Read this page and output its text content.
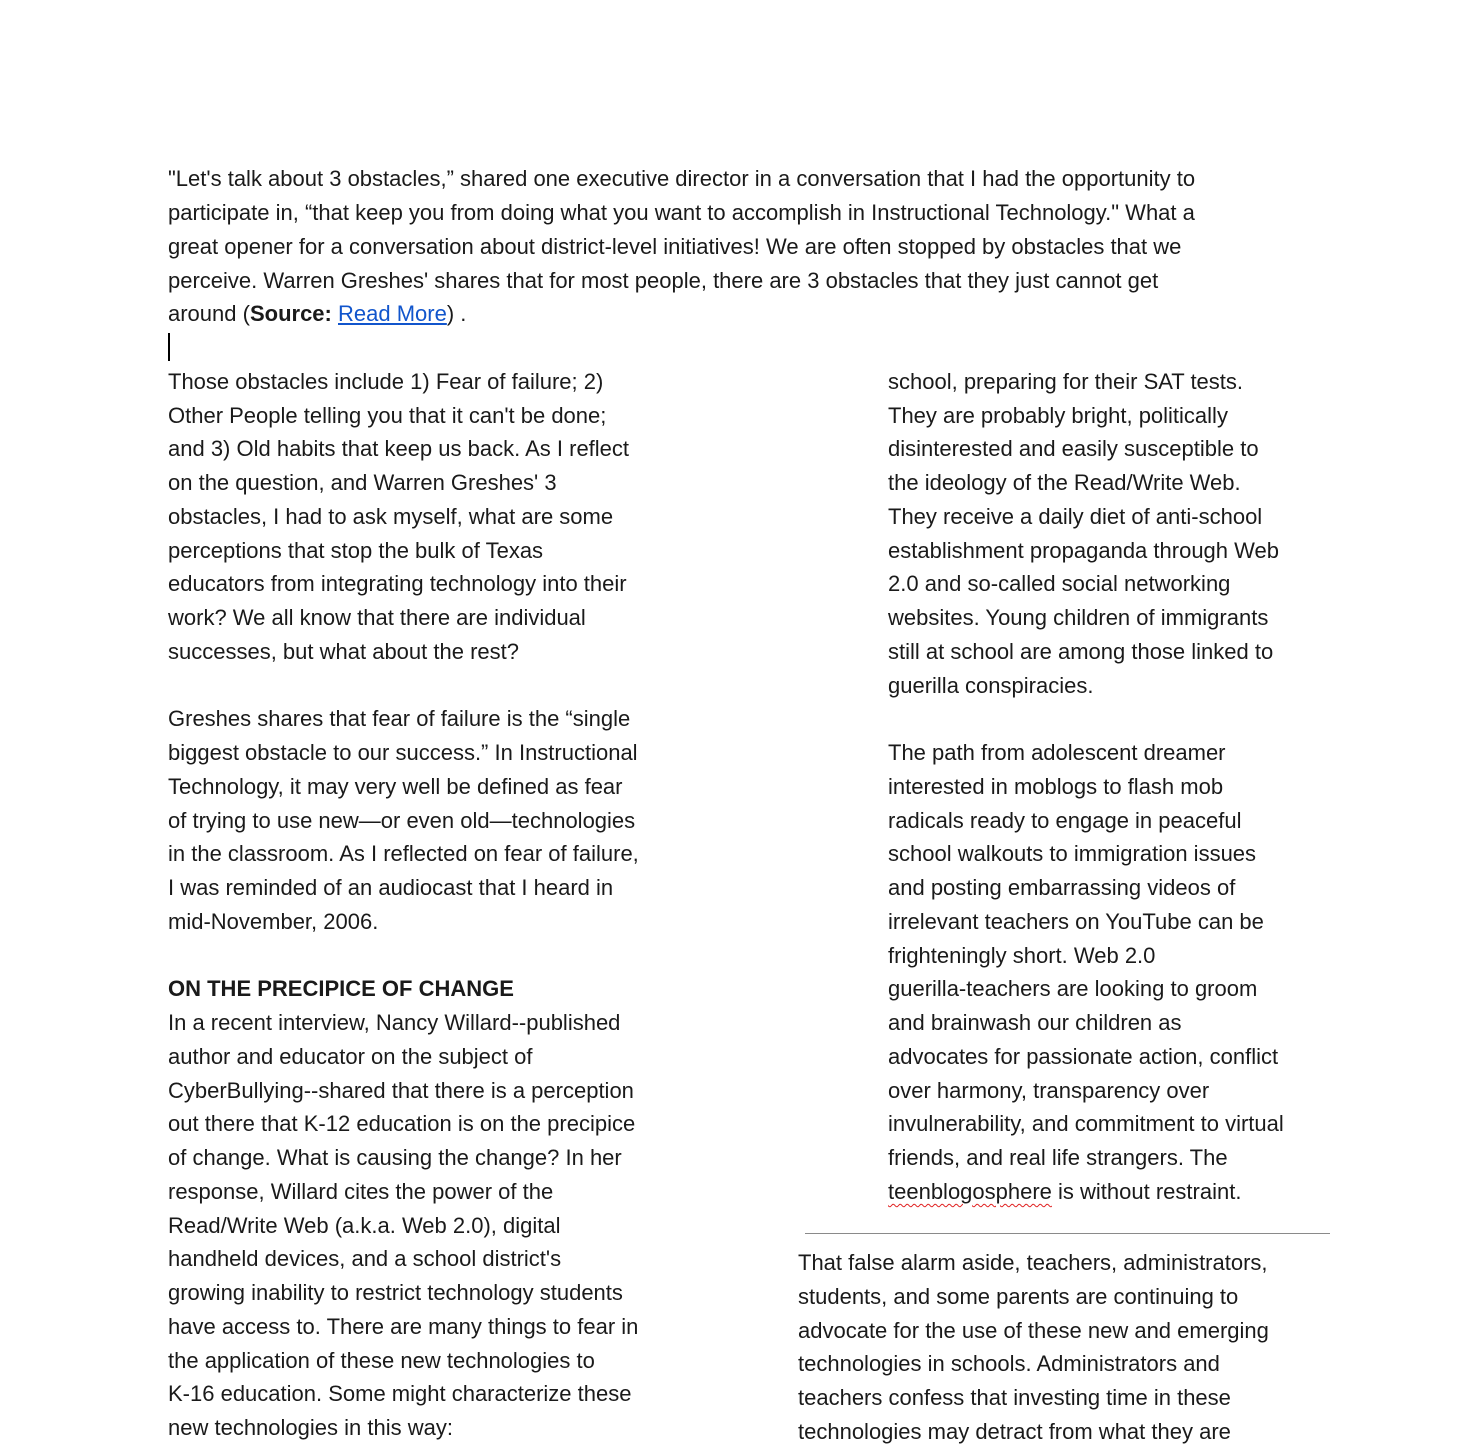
"Let's talk about 3 obstacles,” shared one executive director in a conversation that I had the opportunity to
participate in, “that keep you from doing what you want to accomplish in Instructional Technology." What a
great opener for a conversation about district-level initiatives! We are often stopped by obstacles that we
perceive. Warren Greshes' shares that for most people, there are 3 obstacles that they just cannot get
around (Source: Read More) .
Those obstacles include 1) Fear of failure; 2)
Other People telling you that it can't be done;
and 3) Old habits that keep us back. As I reflect
on the question, and Warren Greshes' 3
obstacles, I had to ask myself, what are some
perceptions that stop the bulk of Texas
educators from integrating technology into their
work? We all know that there are individual
successes, but what about the rest?
Greshes shares that fear of failure is the “single
biggest obstacle to our success.” In Instructional
Technology, it may very well be defined as fear
of trying to use new—or even old—technologies
in the classroom. As I reflected on fear of failure,
I was reminded of an audiocast that I heard in
mid-November, 2006.
ON THE PRECIPICE OF CHANGE
In a recent interview, Nancy Willard--published
author and educator on the subject of
CyberBullying--shared that there is a perception
out there that K-12 education is on the precipice
of change. What is causing the change? In her
response, Willard cites the power of the
Read/Write Web (a.k.a. Web 2.0), digital
handheld devices, and a school district's
growing inability to restrict technology students
have access to. There are many things to fear in
the application of these new technologies to
K-16 education. Some might characterize these
new technologies in this way:
school, preparing for their SAT tests.
They are probably bright, politically
disinterested and easily susceptible to
the ideology of the Read/Write Web.
They receive a daily diet of anti-school
establishment propaganda through Web
2.0 and so-called social networking
websites. Young children of immigrants
still at school are among those linked to
guerilla conspiracies.
The path from adolescent dreamer
interested in moblogs to flash mob
radicals ready to engage in peaceful
school walkouts to immigration issues
and posting embarrassing videos of
irrelevant teachers on YouTube can be
frighteningly short. Web 2.0
guerilla-teachers are looking to groom
and brainwash our children as
advocates for passionate action, conflict
over harmony, transparency over
invulnerability, and commitment to virtual
friends, and real life strangers. The
teenblogosphere is without restraint.
That false alarm aside, teachers, administrators,
students, and some parents are continuing to
advocate for the use of these new and emerging
technologies in schools. Administrators and
teachers confess that investing time in these
technologies may detract from what they are
